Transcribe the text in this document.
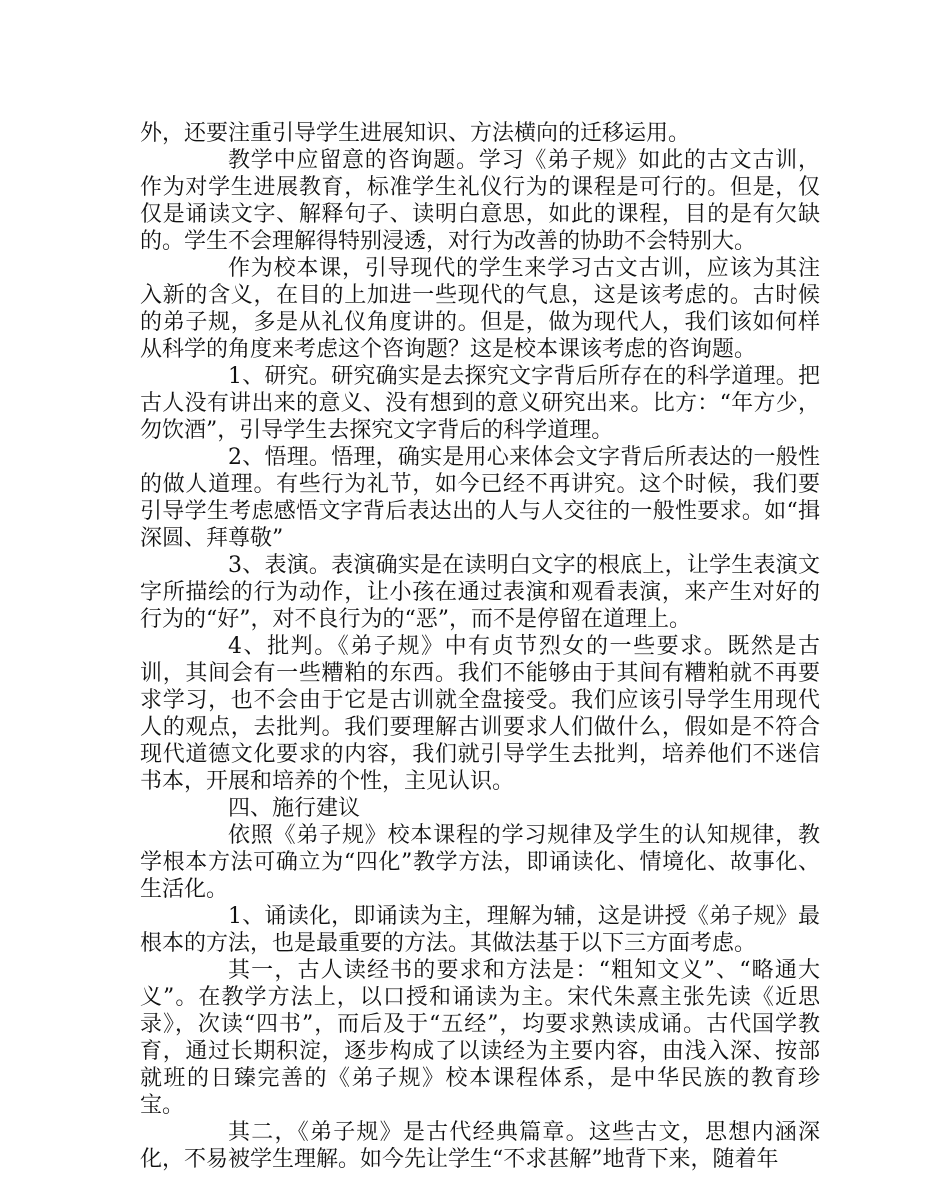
外，还要注重引导学生进展知识、方法横向的迁移运用。

教学中应留意的咨询题。学习《弟子规》如此的古文古训，作为对学生进展教育，标准学生礼仪行为的课程是可行的。但是，仅仅是诵读文字、解释句子、读明白意思，如此的课程，目的是有欠缺的。学生不会理解得特别浸透，对行为改善的协助不会特别大。

作为校本课，引导现代的学生来学习古文古训，应该为其注入新的含义，在目的上加进一些现代的气息，这是该考虑的。古时候的弟子规，多是从礼仪角度讲的。但是，做为现代人，我们该如何样从科学的角度来考虑这个咨询题？这是校本课该考虑的咨询题。

1、研究。研究确实是去探究文字背后所存在的科学道理。把古人没有讲出来的意义、没有想到的意义研究出来。比方：“年方少，勿饮酒”，引导学生去探究文字背后的科学道理。

2、悟理。悟理，确实是用心来体会文字背后所表达的一般性的做人道理。有些行为礼节，如今已经不再讲究。这个时候，我们要引导学生考虑感悟文字背后表达出的人与人交往的一般性要求。如“揖深圆、拜尊敬”

3、表演。表演确实是在读明白文字的根底上，让学生表演文字所描绘的行为动作，让小孩在通过表演和观看表演，来产生对好的行为的“好”，对不良行为的“恶”，而不是停留在道理上。

4、批判。《弟子规》中有贞节烈女的一些要求。既然是古训，其间会有一些糟粕的东西。我们不能够由于其间有糟粕就不再要求学习，也不会由于它是古训就全盘接受。我们应该引导学生用现代人的观点，去批判。我们要理解古训要求人们做什么，假如是不符合现代道德文化要求的内容，我们就引导学生去批判，培养他们不迷信书本，开展和培养的个性，主见认识。

四、施行建议

依照《弟子规》校本课程的学习规律及学生的认知规律，教学根本方法可确立为“四化”教学方法，即诵读化、情境化、故事化、生活化。

1、诵读化，即诵读为主，理解为辅，这是讲授《弟子规》最根本的方法，也是最重要的方法。其做法基于以下三方面考虑。

其一，古人读经书的要求和方法是：“粗知文义”、“略通大义”。在教学方法上，以口授和诵读为主。宋代朱熹主张先读《近思录》，次读“四书”，而后及于“五经”，均要求熟读成诵。古代国学教育，通过长期积淀，逐步构成了以读经为主要内容，由浅入深、按部就班的日臻完善的《弟子规》校本课程体系，是中华民族的教育珍宝。

其二，《弟子规》是古代经典篇章。这些古文，思想内涵深化，不易被学生理解。如今先让学生“不求甚解”地背下来，随着年
